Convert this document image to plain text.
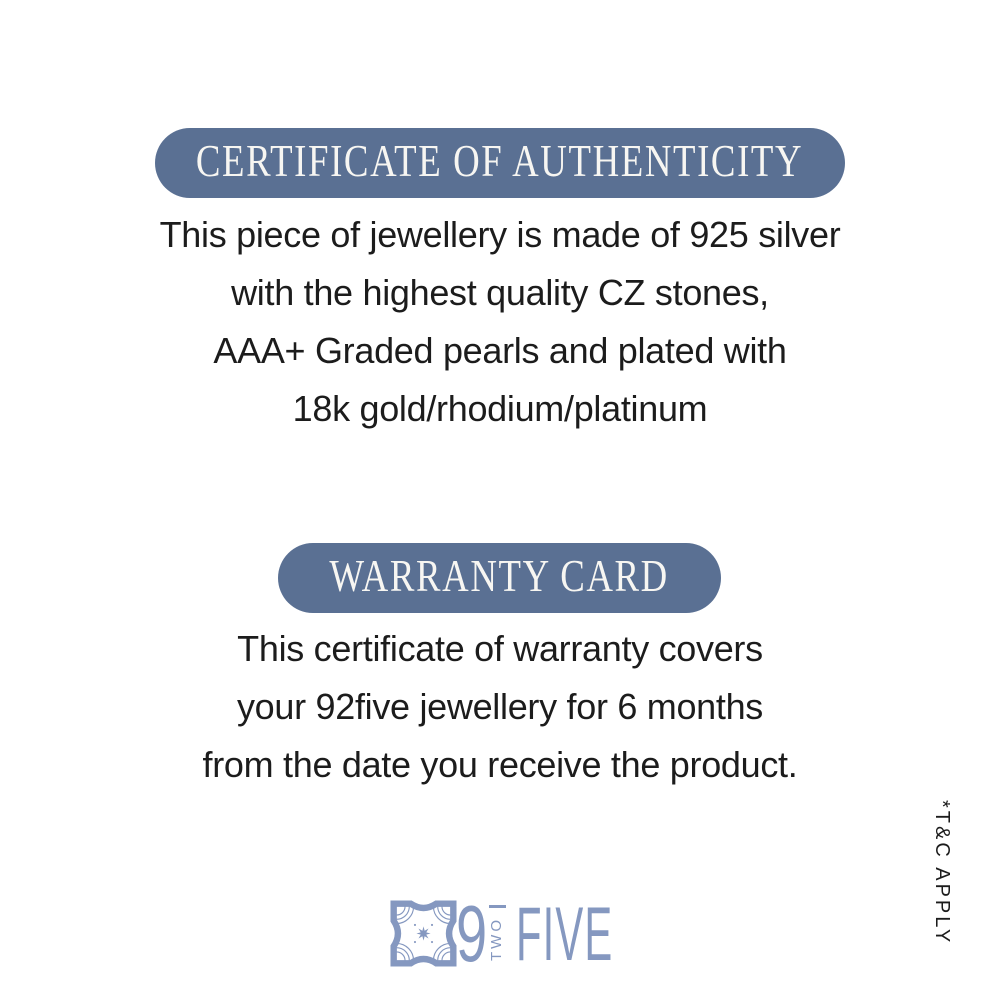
CERTIFICATE OF AUTHENTICITY
This piece of jewellery is made of 925 silver
with the highest quality CZ stones,
AAA+ Graded pearls and plated with
18k gold/rhodium/platinum
WARRANTY CARD
This certificate of warranty covers
your 92five jewellery for 6 months
from the date you receive the product.
*T&C APPLY
9 TWO FIVE
